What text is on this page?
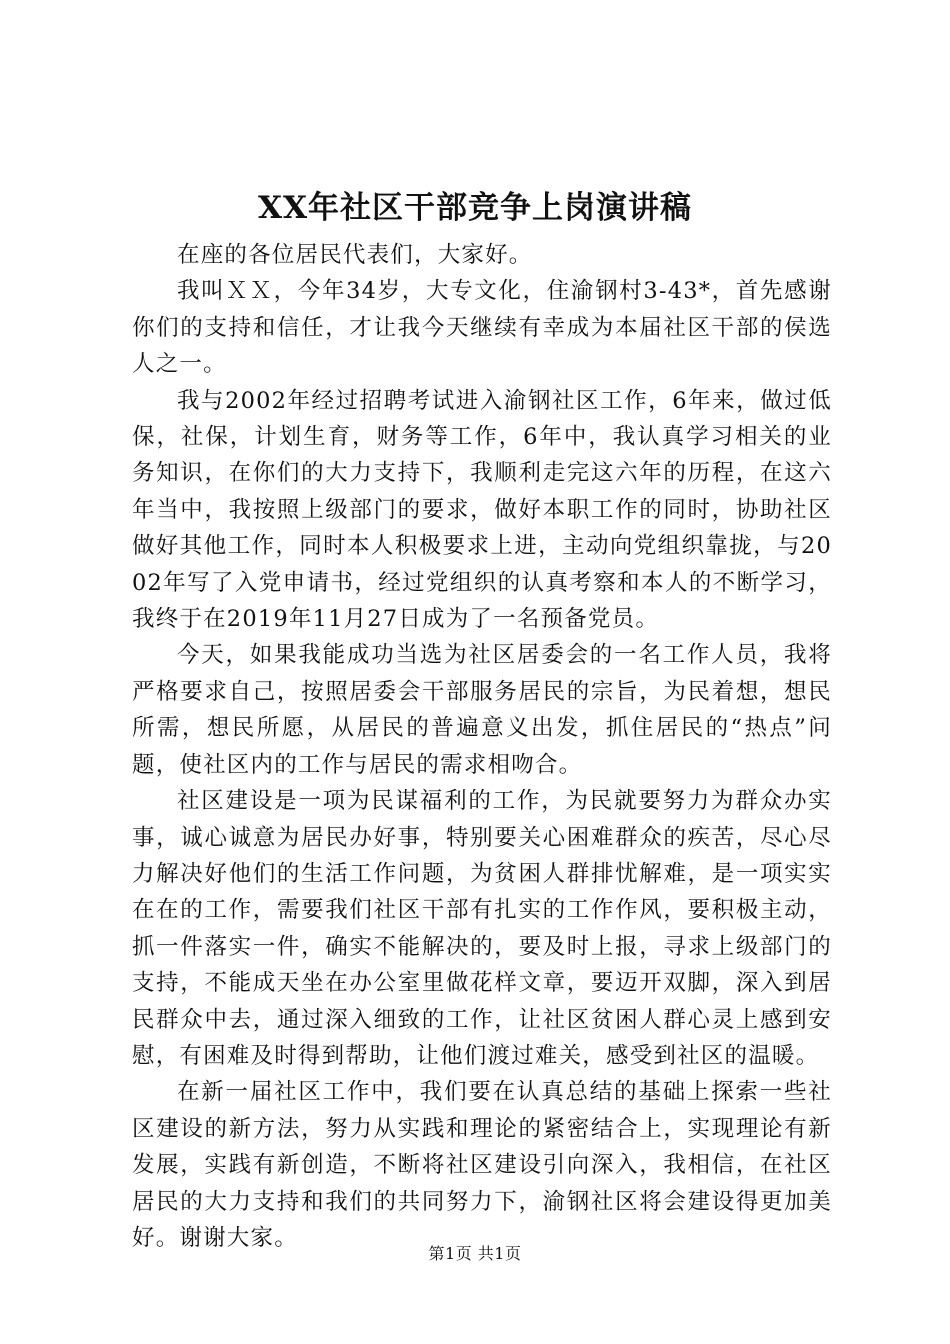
XX年社区干部竞争上岗演讲稿

在座的各位居民代表们，大家好。

我叫ＸＸ，今年34岁，大专文化，住渝钢村3-43*，首先感谢你们的支持和信任，才让我今天继续有幸成为本届社区干部的侯选人之一。

我与2002年经过招聘考试进入渝钢社区工作，6年来，做过低保，社保，计划生育，财务等工作，6年中，我认真学习相关的业务知识，在你们的大力支持下，我顺利走完这六年的历程，在这六年当中，我按照上级部门的要求，做好本职工作的同时，协助社区做好其他工作，同时本人积极要求上进，主动向党组织靠拢，与2002年写了入党申请书，经过党组织的认真考察和本人的不断学习，我终于在2019年11月27日成为了一名预备党员。

今天，如果我能成功当选为社区居委会的一名工作人员，我将严格要求自己，按照居委会干部服务居民的宗旨，为民着想，想民所需，想民所愿，从居民的普遍意义出发，抓住居民的“热点”问题，使社区内的工作与居民的需求相吻合。

社区建设是一项为民谋福利的工作，为民就要努力为群众办实事，诚心诚意为居民办好事，特别要关心困难群众的疾苦，尽心尽力解决好他们的生活工作问题，为贫困人群排忧解难，是一项实实在在的工作，需要我们社区干部有扎实的工作作风，要积极主动，抓一件落实一件，确实不能解决的，要及时上报，寻求上级部门的支持，不能成天坐在办公室里做花样文章，要迈开双脚，深入到居民群众中去，通过深入细致的工作，让社区贫困人群心灵上感到安慰，有困难及时得到帮助，让他们渡过难关，感受到社区的温暖。

在新一届社区工作中，我们要在认真总结的基础上探索一些社区建设的新方法，努力从实践和理论的紧密结合上，实现理论有新发展，实践有新创造，不断将社区建设引向深入，我相信，在社区居民的大力支持和我们的共同努力下，渝钢社区将会建设得更加美好。谢谢大家。

第1页 共1页
